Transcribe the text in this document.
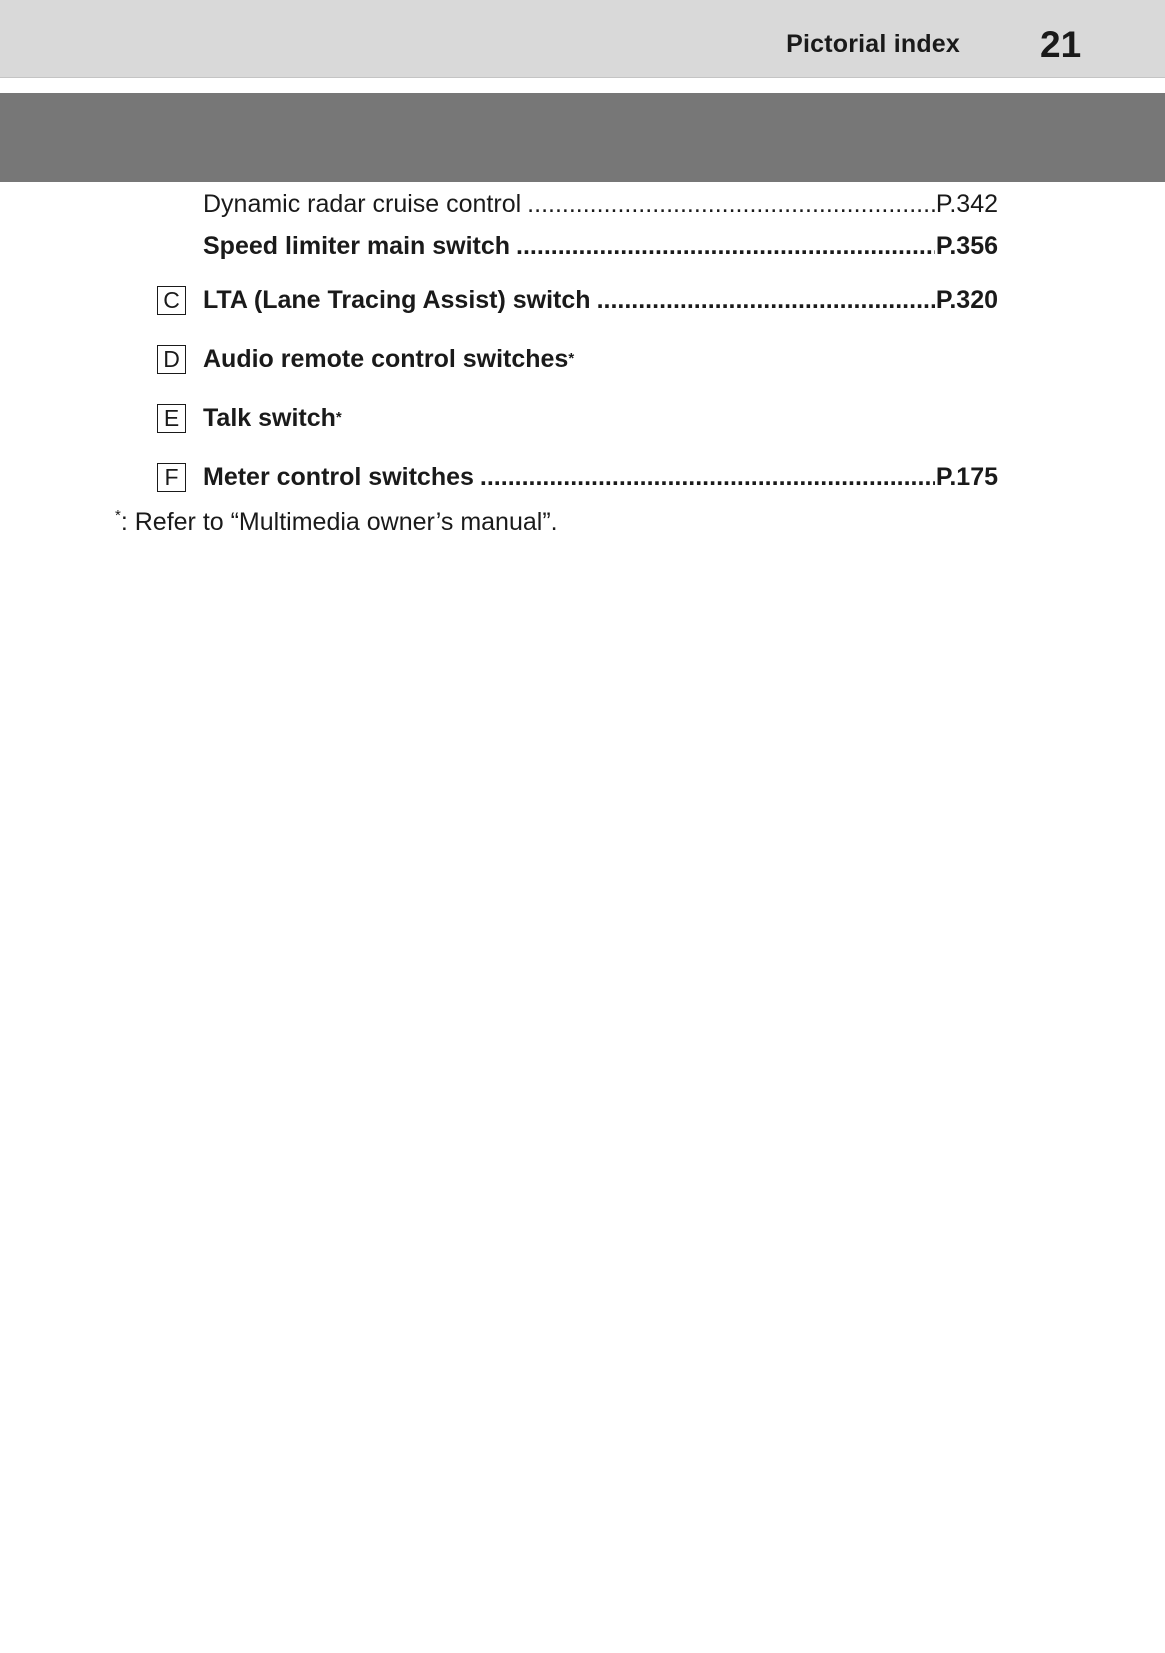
Pictorial index 21
Dynamic radar cruise control .....	P.342
Speed limiter main switch .....	P.356
C LTA (Lane Tracing Assist) switch .....	P.320
D Audio remote control switches*
E Talk switch*
F Meter control switches .....	P.175
*: Refer to “Multimedia owner’s manual”.
